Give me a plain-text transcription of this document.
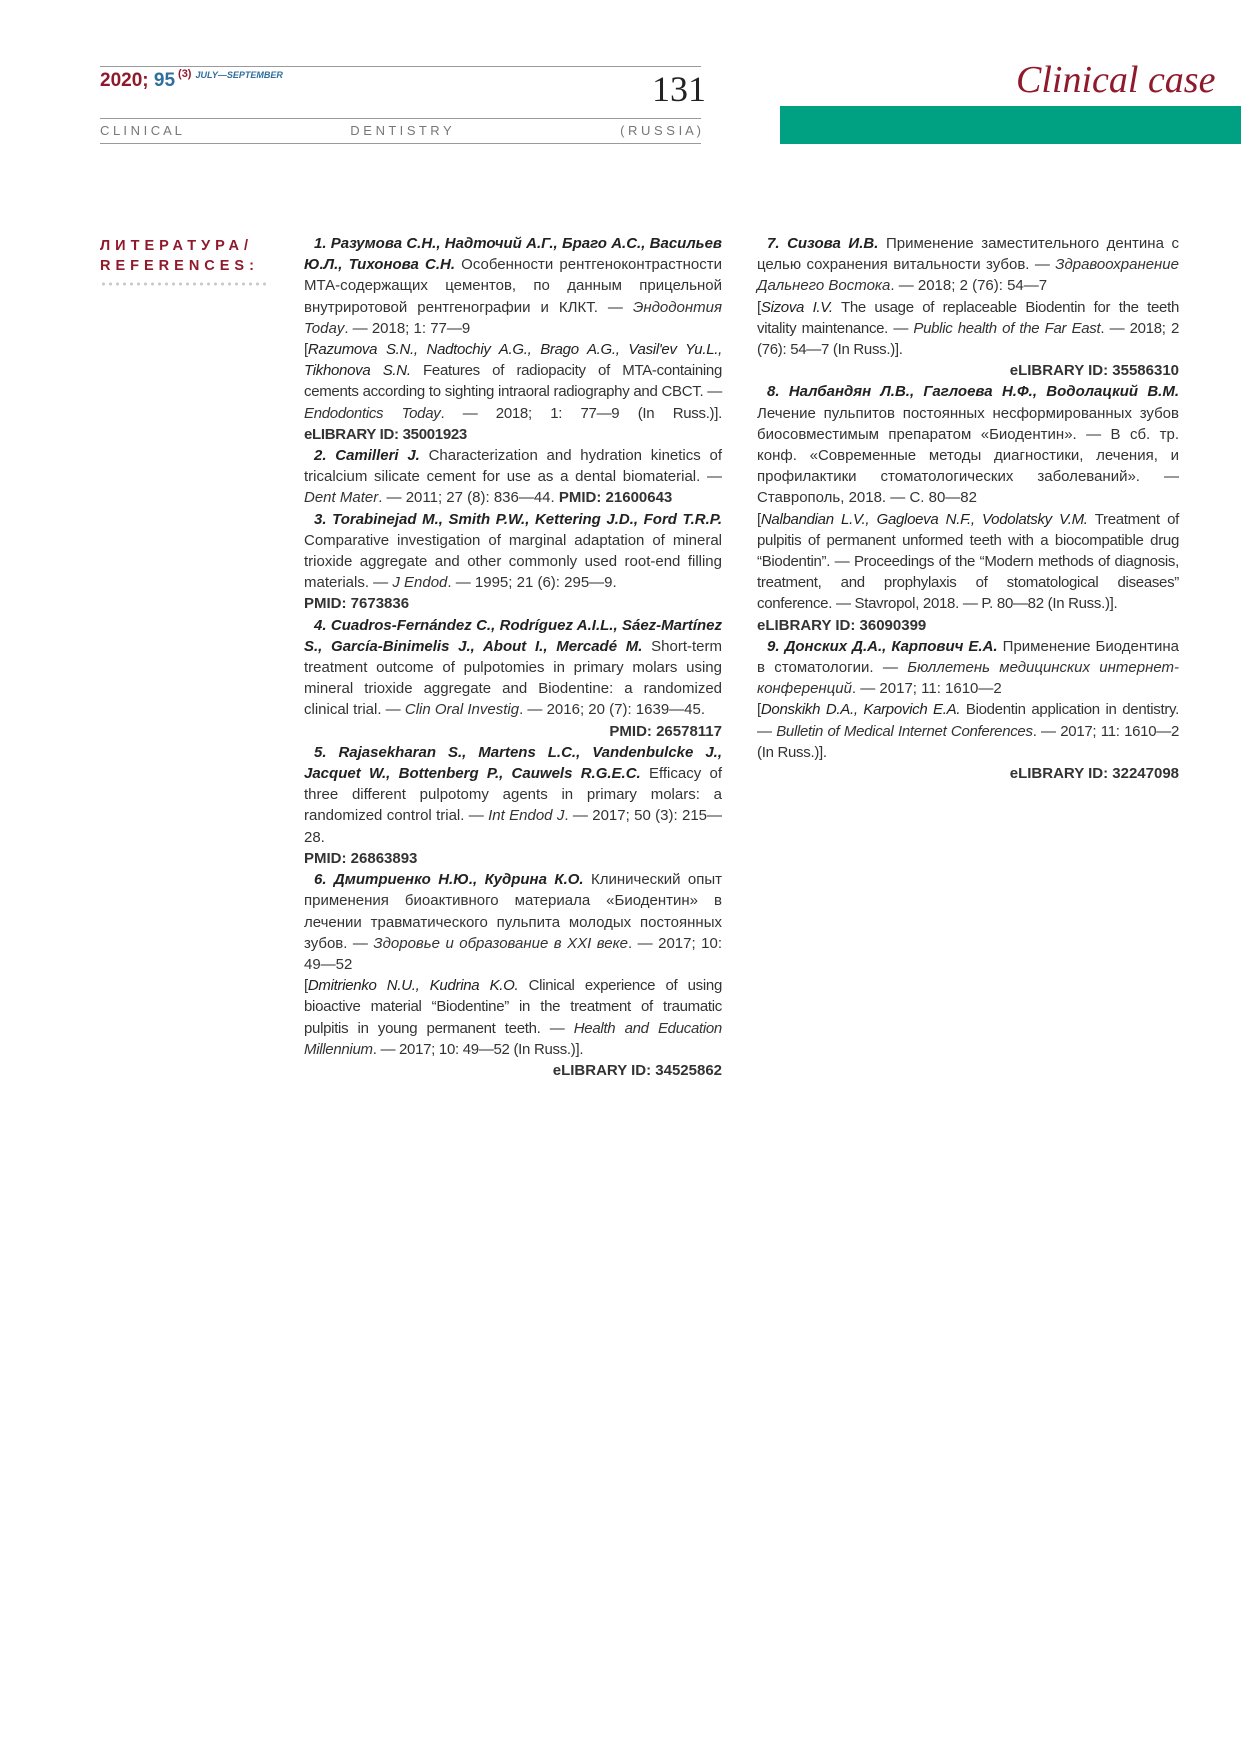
2020; 95 $^{(3)}$ $^{JULY—SEPTEMBER}$	131
C L I N I C A L	D E N T I S T R Y	( R U S S I A )
Clinical case
ЛИТЕРАТУРА/
REFERENCES:
1. Разумова С.Н., Надточий А.Г., Браго А.С., Васильев Ю.Л., Тихонова С.Н. Особенности рентгеноконтрастности МТА-содержащих цементов, по данным прицельной внутриротовой рентгенографии и КЛКТ. — Эндодонтия Today. — 2018; 1: 77—9
[Razumova S.N., Nadtochiy A.G., Brago A.G., Vasil'ev Yu.L., Tikhonova S.N. Features of radiopacity of MTA-containing cements according to sighting intraoral radiography and CBCT. — Endodontics Today. — 2018; 1: 77—9 (In Russ.)]. eLIBRARY ID: 35001923
2. Camilleri J. Characterization and hydration kinetics of tricalcium silicate cement for use as a dental biomaterial. — Dent Mater. — 2011; 27 (8): 836—44. PMID: 21600643
3. Torabinejad M., Smith P.W., Kettering J.D., Ford T.R.P. Comparative investigation of marginal adaptation of mineral trioxide aggregate and other commonly used root-end filling materials. — J Endod. — 1995; 21 (6): 295—9.
PMID: 7673836
4. Cuadros-Fernández C., Rodríguez A.I.L., Sáez-Martínez S., García-Binimelis J., About I., Mercadé M. Short-term treatment outcome of pulpotomies in primary molars using mineral trioxide aggregate and Biodentine: a randomized clinical trial. — Clin Oral Investig. — 2016; 20 (7): 1639—45.
PMID: 26578117
5. Rajasekharan S., Martens L.C., Vandenbulcke J., Jacquet W., Bottenberg P., Cauwels R.G.E.C. Efficacy of three different pulpotomy agents in primary molars: a randomized control trial. — Int Endod J. — 2017; 50 (3): 215—28.
PMID: 26863893
6. Дмитриенко Н.Ю., Кудрина К.О. Клинический опыт применения биоактивного материала «Биодентин» в лечении травматического пульпита молодых постоянных зубов. — Здоровье и образование в XXI веке. — 2017; 10: 49—52
[Dmitrienko N.U., Kudrina K.O. Clinical experience of using bioactive material “Biodentine” in the treatment of traumatic pulpitis in young permanent teeth. — Health and Education Millennium. — 2017; 10: 49—52 (In Russ.)].
eLIBRARY ID: 34525862
7. Сизова И.В. Применение заместительного дентина с целью сохранения витальности зубов. — Здравоохранение Дальнего Востока. — 2018; 2 (76): 54—7
[Sizova I.V. The usage of replaceable Biodentin for the teeth vitality maintenance. — Public health of the Far East. — 2018; 2 (76): 54—7 (In Russ.)].
eLIBRARY ID: 35586310
8. Налбандян Л.В., Гаглоева Н.Ф., Водолацкий В.М. Лечение пульпитов постоянных несформированных зубов биосовместимым препаратом «Биодентин». — В сб. тр. конф. «Современные методы диагностики, лечения, и профилактики стоматологических заболеваний». — Ставрополь, 2018. — С. 80—82
[Nalbandian L.V., Gagloeva N.F., Vodolatsky V.M. Treatment of pulpitis of permanent unformed teeth with a biocompatible drug “Biodentin”. — Proceedings of the “Modern methods of diagnosis, treatment, and prophylaxis of stomatological diseases” conference. — Stavropol, 2018. — P. 80—82 (In Russ.)].
eLIBRARY ID: 36090399
9. Донских Д.А., Карпович Е.А. Применение Биодентина в стоматологии. — Бюллетень медицинских интернет-конференций. — 2017; 11: 1610—2
[Donskikh D.A., Karpovich E.A. Biodentin application in dentistry. — Bulletin of Medical Internet Conferences. — 2017; 11: 1610—2 (In Russ.)].
eLIBRARY ID: 32247098
